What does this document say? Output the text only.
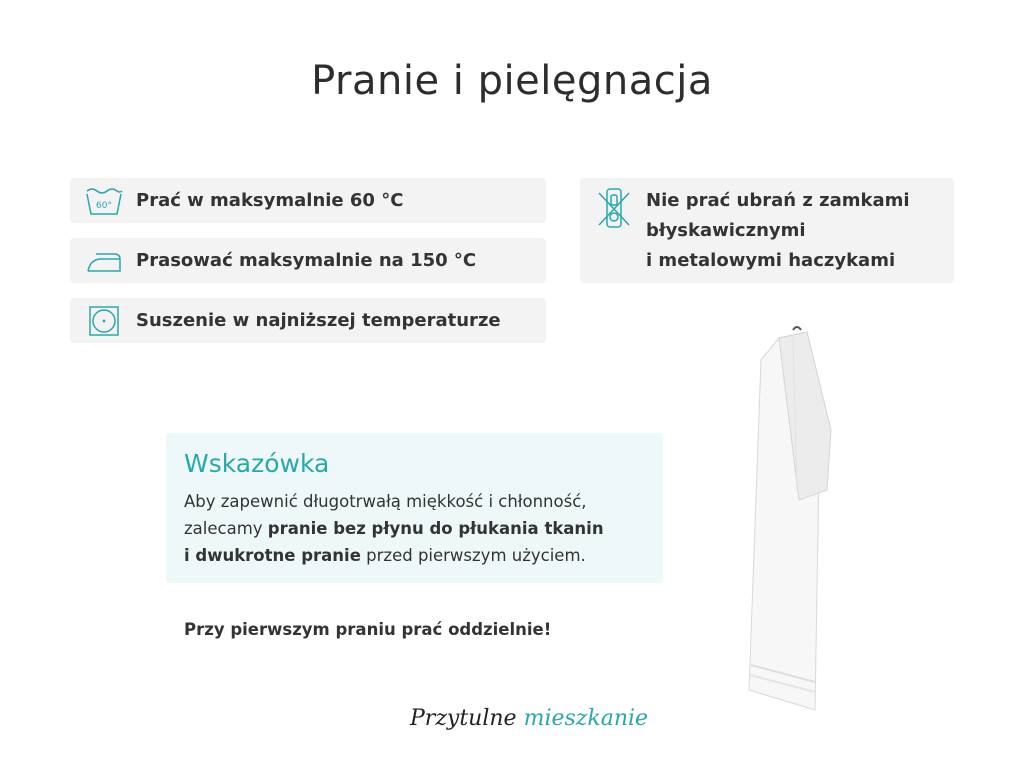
Pranie i pielęgnacja
60° Prać w maksymalnie 60 °C
Prasować maksymalnie na 150 °C
Suszenie w najniższej temperaturze
Nie prać ubrań z zamkami
błyskawicznymi
i metalowymi haczykami
Wskazówka
Aby zapewnić długotrwałą miękkość i chłonność,
zalecamy pranie bez płynu do płukania tkanin
i dwukrotne pranie przed pierwszym użyciem.
Przy pierwszym praniu prać oddzielnie!
Przytulne mieszkanie
